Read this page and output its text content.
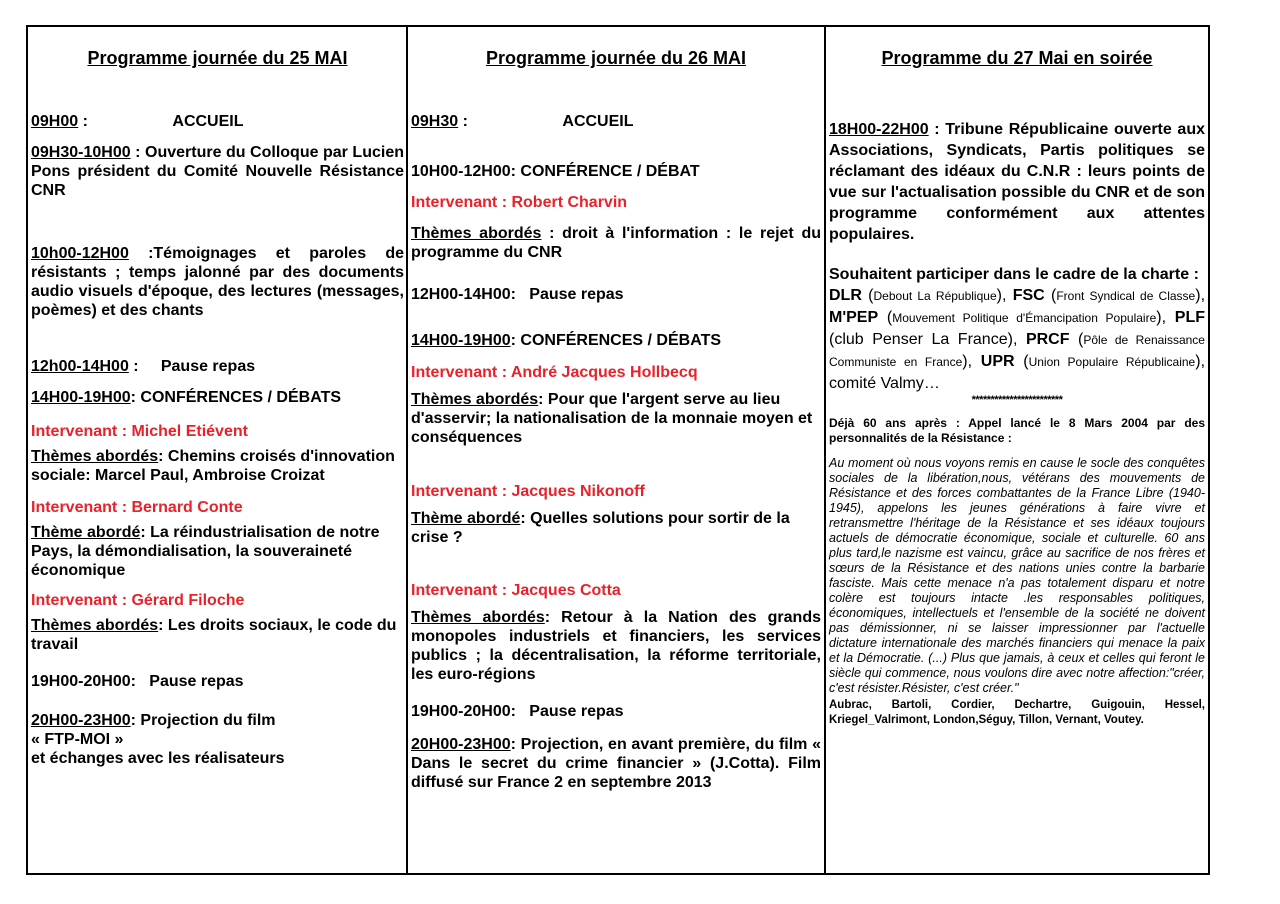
Programme journée du 25 MAI

09H00 :	ACCUEIL

09H30-10H00 : Ouverture du Colloque par Lucien Pons président du Comité Nouvelle Résistance CNR

10h00-12H00 :Témoignages et paroles de résistants ; temps jalonné par des documents audio visuels d'époque, des lectures (messages, poèmes) et des chants

12h00-14H00 :     Pause repas

14H00-19H00: CONFÉRENCES / DÉBATS

Intervenant : Michel Etiévent

Thèmes abordés: Chemins croisés d'innovation sociale: Marcel Paul, Ambroise Croizat

Intervenant : Bernard Conte

Thème abordé: La réindustrialisation de notre Pays, la démondialisation, la souveraineté économique

Intervenant : Gérard Filoche

Thèmes abordés: Les droits sociaux, le code du travail

19H00-20H00:   Pause repas

20H00-23H00: Projection du film
« FTP-MOI »
et échanges avec les réalisateurs

Programme journée du 26 MAI

09H30 :	ACCUEIL

10H00-12H00: CONFÉRENCE / DÉBAT

Intervenant : Robert Charvin

Thèmes abordés : droit à l'information : le rejet du programme du CNR

12H00-14H00:   Pause repas

14H00-19H00: CONFÉRENCES / DÉBATS

Intervenant : André Jacques Hollbecq

Thèmes abordés: Pour que l'argent serve au lieu d'asservir; la nationalisation de la monnaie moyen et conséquences

Intervenant : Jacques Nikonoff

Thème abordé: Quelles solutions pour sortir de la crise ?

Intervenant : Jacques Cotta

Thèmes abordés: Retour à la Nation des grands monopoles industriels et financiers, les services publics ; la décentralisation, la réforme territoriale, les euro-régions

19H00-20H00:   Pause repas

20H00-23H00: Projection, en avant première, du film « Dans le secret du crime financier » (J.Cotta). Film diffusé sur France 2 en septembre 2013

Programme du 27 Mai en soirée

18H00-22H00 : Tribune Républicaine ouverte aux Associations, Syndicats, Partis politiques se réclamant des idéaux du C.N.R : leurs points de vue sur l'actualisation possible du CNR et de son programme conformément aux attentes populaires.

Souhaitent participer dans le cadre de la charte :

DLR (Debout La République), FSC (Front Syndical de Classe), M'PEP (Mouvement Politique d'Émancipation Populaire), PLF (club Penser La France), PRCF (Pôle de Renaissance Communiste en France), UPR (Union Populaire Républicaine), comité Valmy…

************************

Déjà 60 ans après : Appel lancé le 8 Mars 2004 par des personnalités de la Résistance :

Au moment où nous voyons remis en cause le socle des conquêtes sociales de la libération,nous, vétérans des mouvements de Résistance et des forces combattantes de la France Libre (1940-1945), appelons les jeunes générations à faire vivre et retransmettre l'héritage de la Résistance et ses idéaux toujours actuels de démocratie économique, sociale et culturelle. 60 ans plus tard,le nazisme est vaincu, grâce au sacrifice de nos frères et sœurs de la Résistance et des nations unies contre la barbarie fasciste. Mais cette menace n'a pas totalement disparu et notre colère est toujours intacte .les responsables politiques, économiques, intellectuels et l'ensemble de la société ne doivent pas démissionner, ni se laisser impressionner par l'actuelle dictature internationale des marchés financiers qui menace la paix et la Démocratie. (...) Plus que jamais, à ceux et celles qui feront le siècle qui commence, nous voulons dire avec notre affection:"créer, c'est résister.Résister, c'est créer."

Aubrac, Bartoli, Cordier, Dechartre, Guigouin, Hessel, Kriegel_Valrimont, London,Séguy, Tillon, Vernant, Voutey.
